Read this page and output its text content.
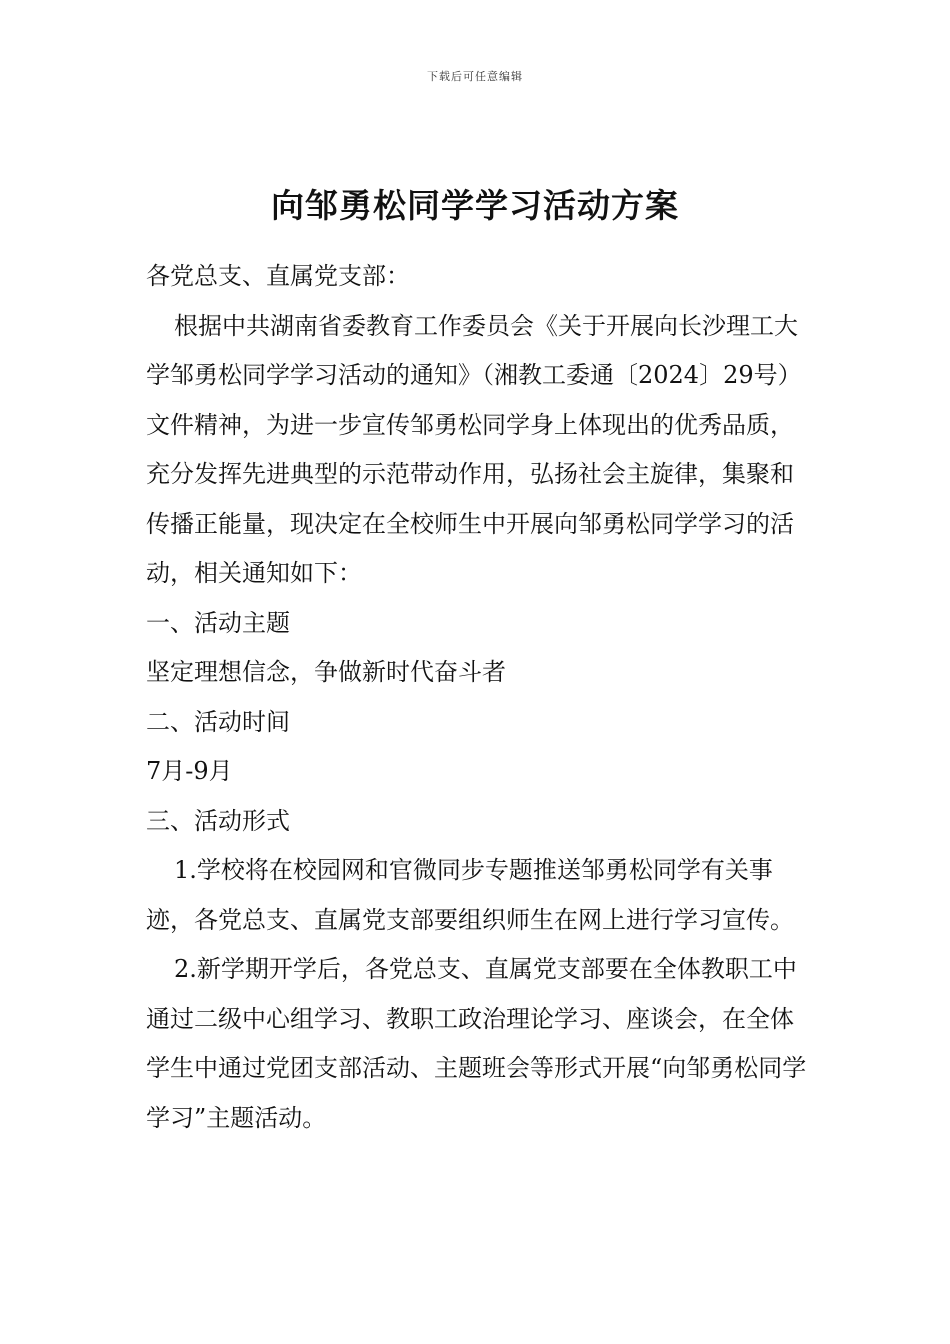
下载后可任意编辑
向邹勇松同学学习活动方案

各党总支、直属党支部：

根据中共湖南省委教育工作委员会《关于开展向长沙理工大学邹勇松同学学习活动的通知》（湘教工委通〔2024〕29号）文件精神，为进一步宣传邹勇松同学身上体现出的优秀品质，充分发挥先进典型的示范带动作用，弘扬社会主旋律，集聚和传播正能量，现决定在全校师生中开展向邹勇松同学学习的活动，相关通知如下：

一、活动主题

坚定理想信念，争做新时代奋斗者

二、活动时间

7月-9月

三、活动形式

1.学校将在校园网和官微同步专题推送邹勇松同学有关事迹，各党总支、直属党支部要组织师生在网上进行学习宣传。

2.新学期开学后，各党总支、直属党支部要在全体教职工中通过二级中心组学习、教职工政治理论学习、座谈会，在全体学生中通过党团支部活动、主题班会等形式开展“向邹勇松同学学习”主题活动。
